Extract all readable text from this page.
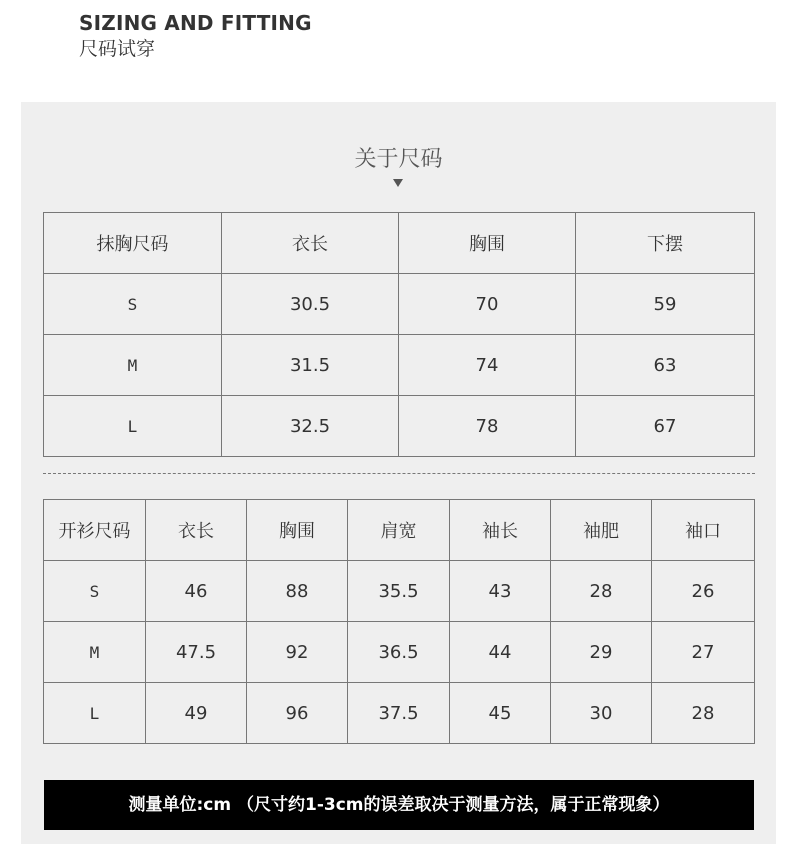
SIZING AND FITTING
尺码试穿
关于尺码
抹胸尺码	衣长	胸围	下摆
S	30.5	70	59
M	31.5	74	63
L	32.5	78	67
开衫尺码	衣长	胸围	肩宽	袖长	袖肥	袖口
S	46	88	35.5	43	28	26
M	47.5	92	36.5	44	29	27
L	49	96	37.5	45	30	28
测量单位:cm （尺寸约1-3cm的误差取决于测量方法，属于正常现象）
